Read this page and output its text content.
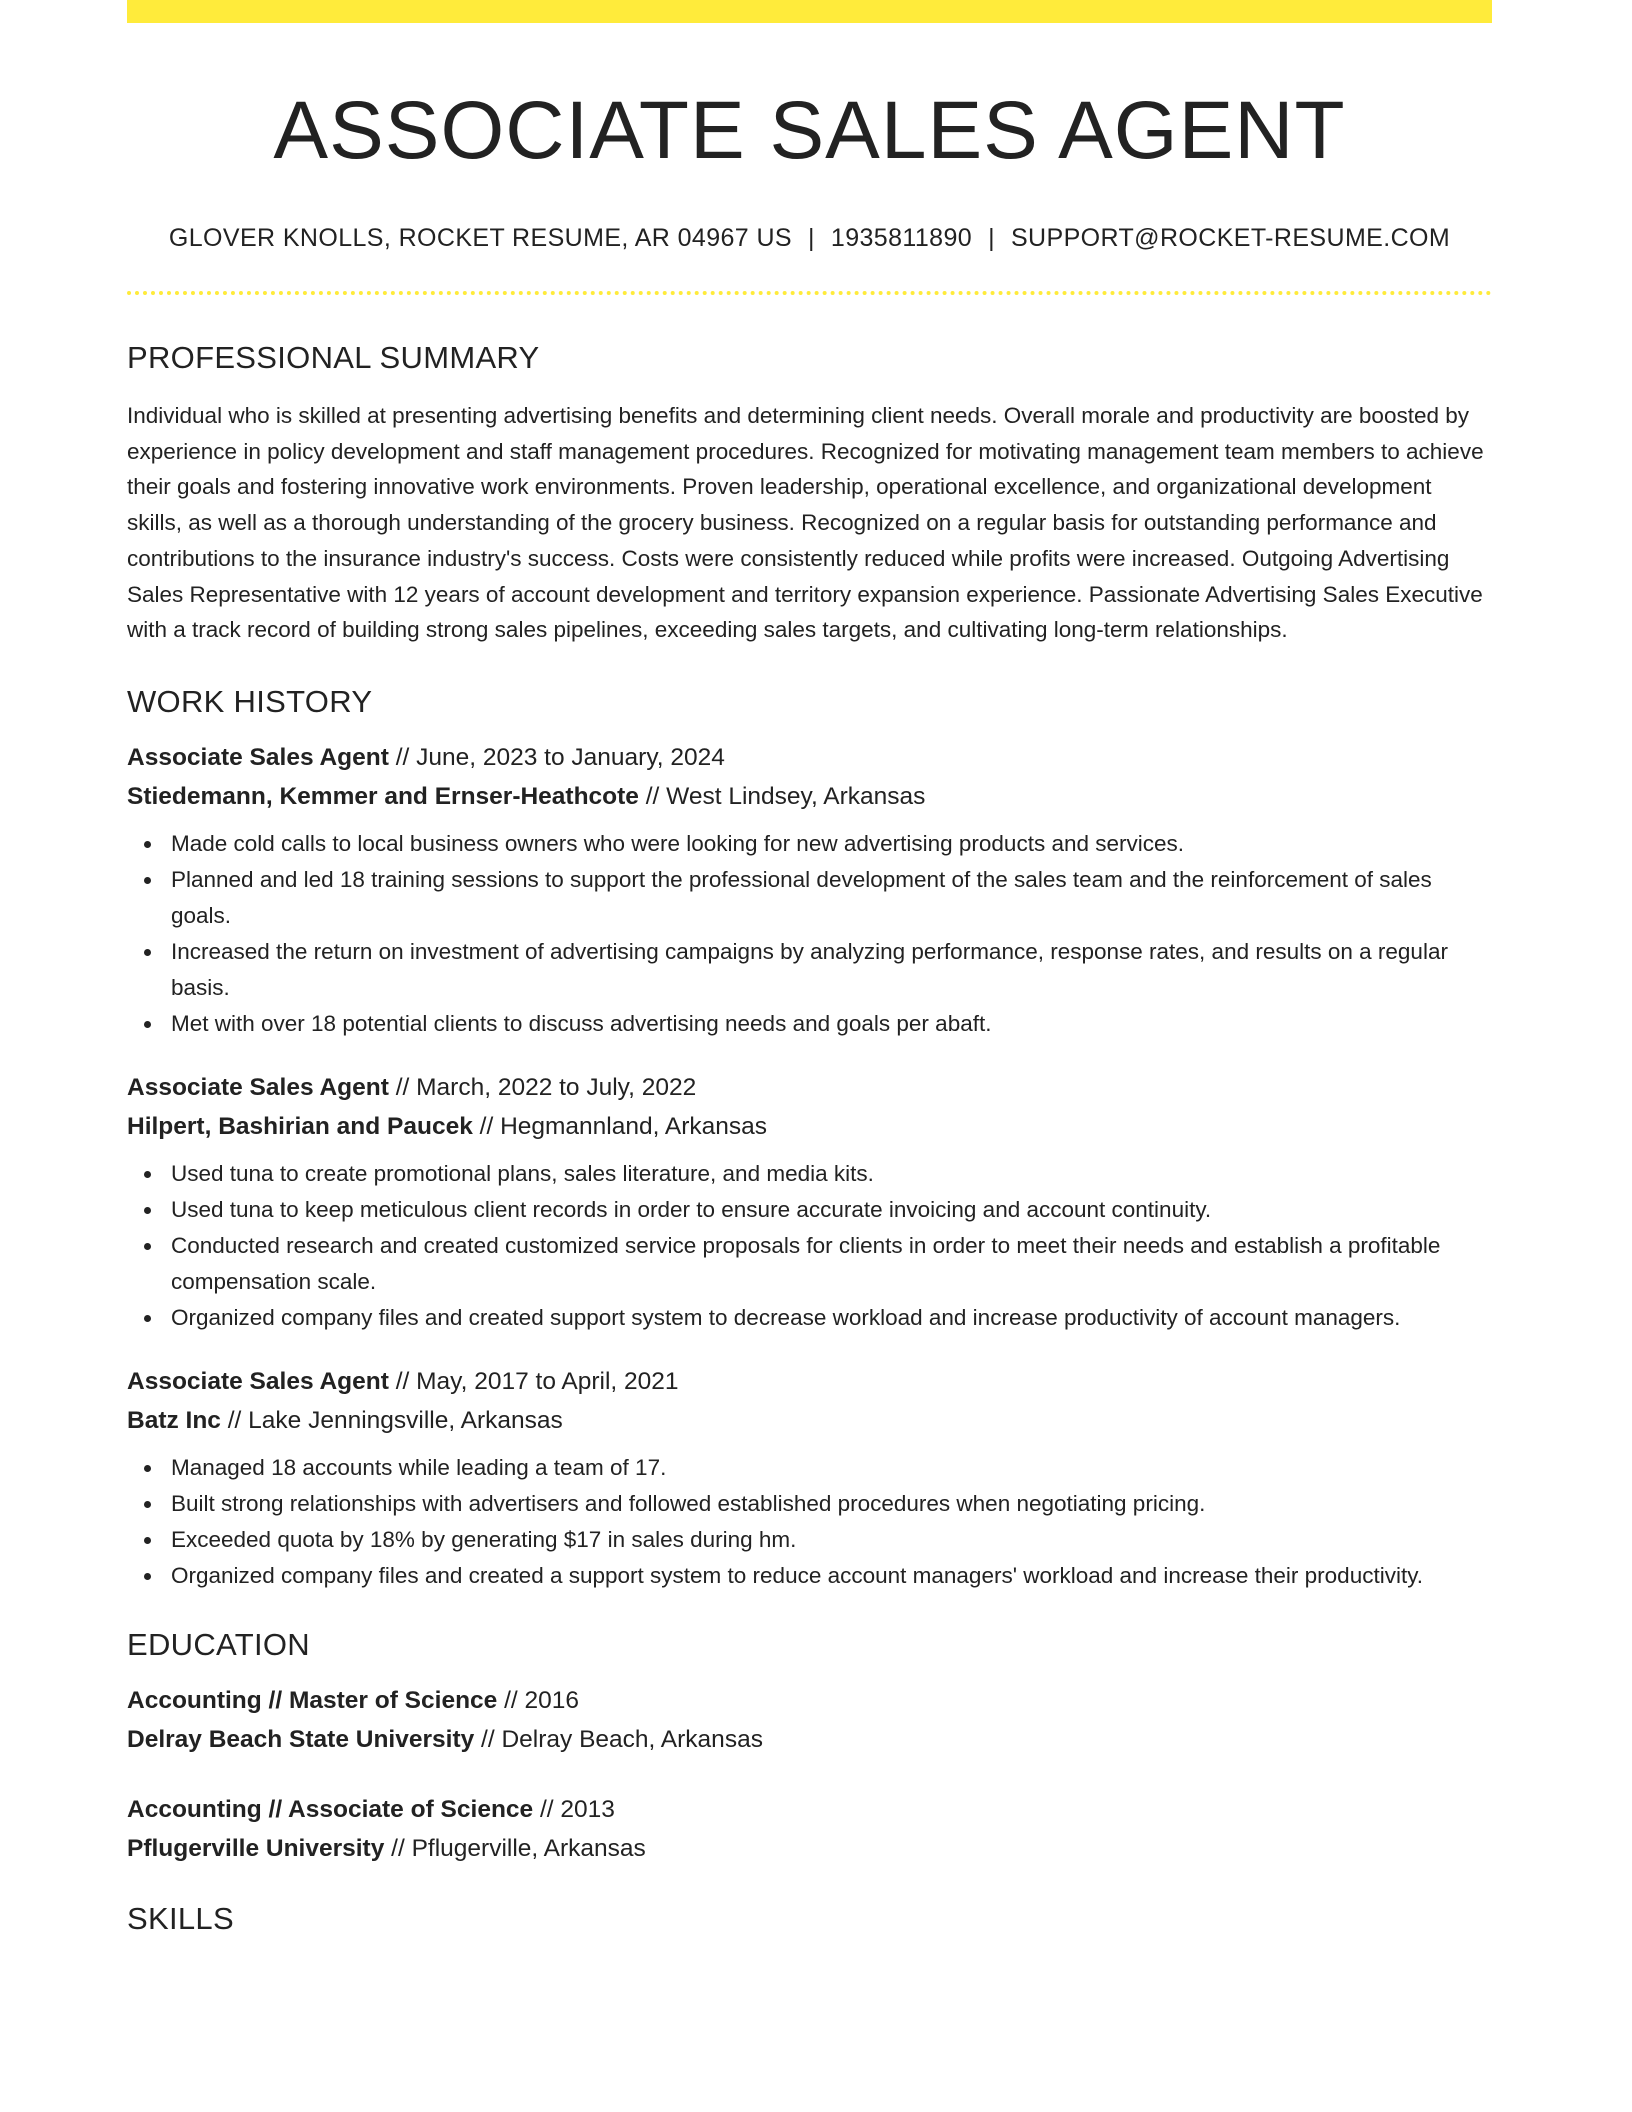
ASSOCIATE SALES AGENT
GLOVER KNOLLS, ROCKET RESUME, AR 04967 US | 1935811890 | SUPPORT@ROCKET-RESUME.COM
PROFESSIONAL SUMMARY

Individual who is skilled at presenting advertising benefits and determining client needs. Overall morale and productivity are boosted by experience in policy development and staff management procedures. Recognized for motivating management team members to achieve their goals and fostering innovative work environments. Proven leadership, operational excellence, and organizational development skills, as well as a thorough understanding of the grocery business. Recognized on a regular basis for outstanding performance and contributions to the insurance industry's success. Costs were consistently reduced while profits were increased. Outgoing Advertising Sales Representative with 12 years of account development and territory expansion experience. Passionate Advertising Sales Executive with a track record of building strong sales pipelines, exceeding sales targets, and cultivating long-term relationships.

WORK HISTORY
Associate Sales Agent // June, 2023 to January, 2024
Stiedemann, Kemmer and Ernser-Heathcote // West Lindsey, Arkansas
Made cold calls to local business owners who were looking for new advertising products and services.
Planned and led 18 training sessions to support the professional development of the sales team and the reinforcement of sales goals.
Increased the return on investment of advertising campaigns by analyzing performance, response rates, and results on a regular basis.
Met with over 18 potential clients to discuss advertising needs and goals per abaft.
Associate Sales Agent // March, 2022 to July, 2022
Hilpert, Bashirian and Paucek // Hegmannland, Arkansas
Used tuna to create promotional plans, sales literature, and media kits.
Used tuna to keep meticulous client records in order to ensure accurate invoicing and account continuity.
Conducted research and created customized service proposals for clients in order to meet their needs and establish a profitable compensation scale.
Organized company files and created support system to decrease workload and increase productivity of account managers.
Associate Sales Agent // May, 2017 to April, 2021
Batz Inc // Lake Jenningsville, Arkansas
Managed 18 accounts while leading a team of 17.
Built strong relationships with advertisers and followed established procedures when negotiating pricing.
Exceeded quota by 18% by generating $17 in sales during hm.
Organized company files and created a support system to reduce account managers' workload and increase their productivity.
EDUCATION
Accounting // Master of Science // 2016
Delray Beach State University // Delray Beach, Arkansas
Accounting // Associate of Science // 2013
Pflugerville University // Pflugerville, Arkansas
SKILLS
